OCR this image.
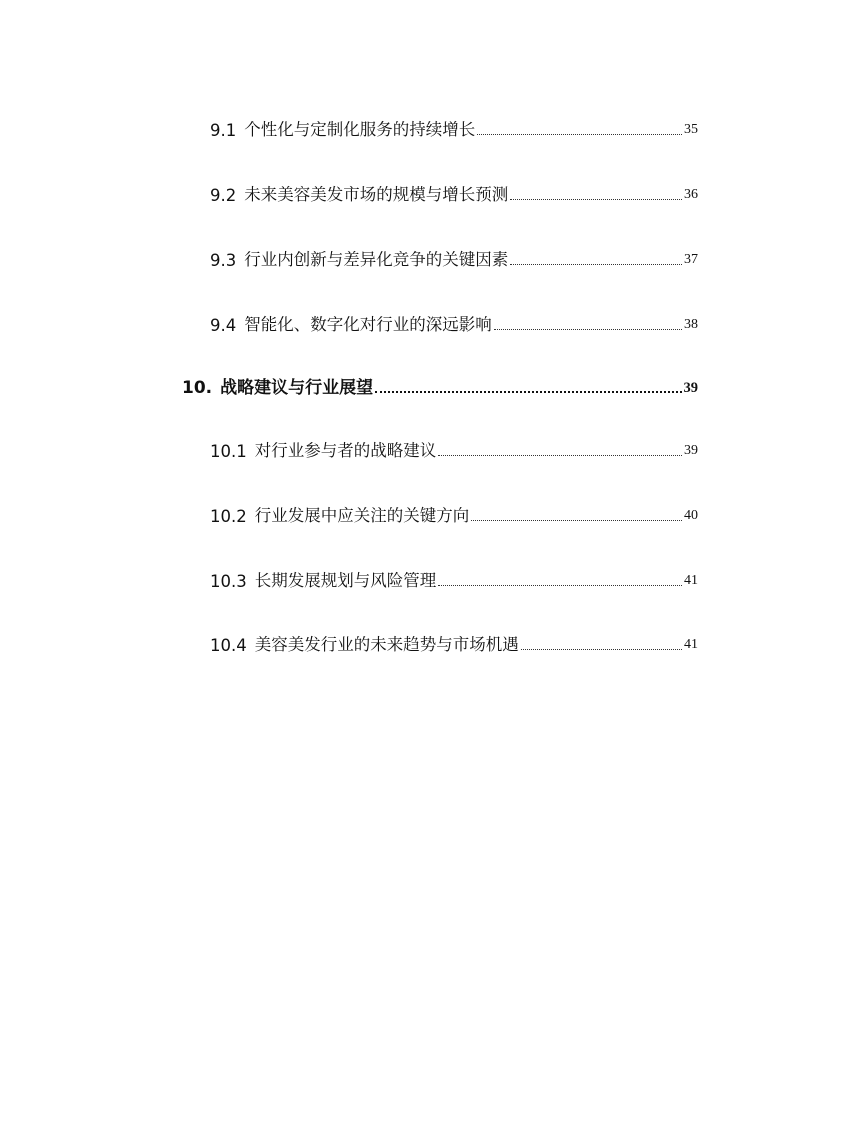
9.1 个性化与定制化服务的持续增长	35
9.2 未来美容美发市场的规模与增长预测	36
9.3 行业内创新与差异化竞争的关键因素	37
9.4 智能化、数字化对行业的深远影响	38
10. 战略建议与行业展望	39
10.1 对行业参与者的战略建议	39
10.2 行业发展中应关注的关键方向	40
10.3 长期发展规划与风险管理	41
10.4 美容美发行业的未来趋势与市场机遇	41
